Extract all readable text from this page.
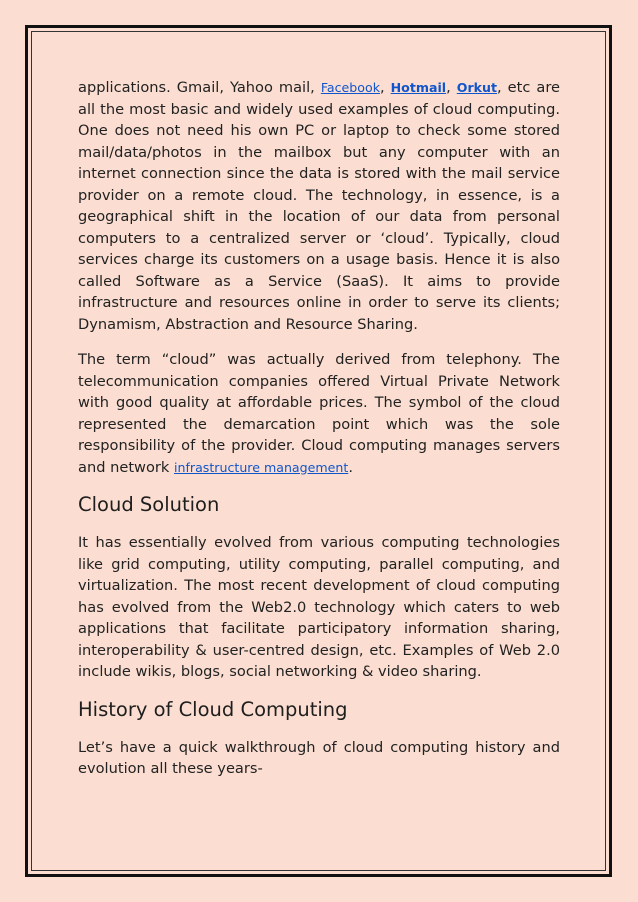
applications. Gmail, Yahoo mail, Facebook, Hotmail, Orkut, etc are all the most basic and widely used examples of cloud computing. One does not need his own PC or laptop to check some stored mail/data/photos in the mailbox but any computer with an internet connection since the data is stored with the mail service provider on a remote cloud. The technology, in essence, is a geographical shift in the location of our data from personal computers to a centralized server or ‘cloud’. Typically, cloud services charge its customers on a usage basis. Hence it is also called Software as a Service (SaaS). It aims to provide infrastructure and resources online in order to serve its clients; Dynamism, Abstraction and Resource Sharing.

The term “cloud” was actually derived from telephony. The telecommunication companies offered Virtual Private Network with good quality at affordable prices. The symbol of the cloud represented the demarcation point which was the sole responsibility of the provider. Cloud computing manages servers and network infrastructure management.

Cloud Solution

It has essentially evolved from various computing technologies like grid computing, utility computing, parallel computing, and virtualization. The most recent development of cloud computing has evolved from the Web2.0 technology which caters to web applications that facilitate participatory information sharing, interoperability & user-centred design, etc. Examples of Web 2.0 include wikis, blogs, social networking & video sharing.

History of Cloud Computing

Let’s have a quick walkthrough of cloud computing history and evolution all these years-
